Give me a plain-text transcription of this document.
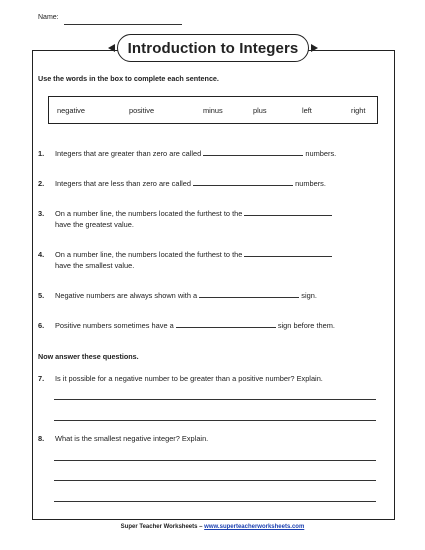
Name:
Introduction to Integers
Use the words in the box to complete each sentence.
negative	positive	minus	plus	left	right
1. Integers that are greater than zero are called	numbers.
2. Integers that are less than zero are called	numbers.
3. On a number line, the numbers located the furthest to the
have the greatest value.
4. On a number line, the numbers located the furthest to the
have the smallest value.
5. Negative numbers are always shown with a	sign.
6. Positive numbers sometimes have a	sign before them.
Now answer these questions.
7. Is it possible for a negative number to be greater than a positive number? Explain.
8. What is the smallest negative integer? Explain.
Super Teacher Worksheets – www.superteacherworksheets.com
